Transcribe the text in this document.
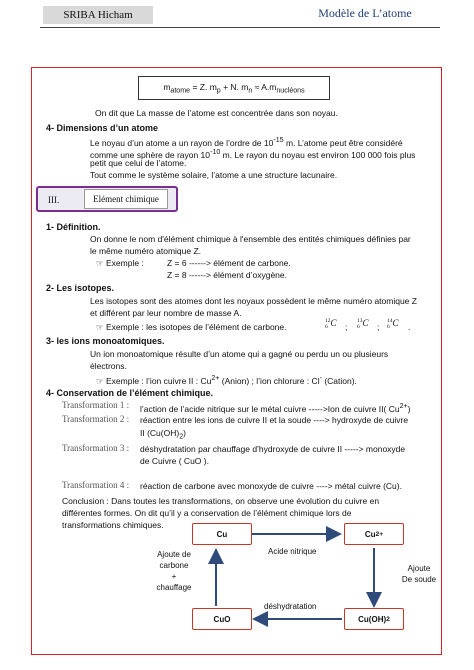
SRIBA Hicham	Modèle de L’atome
$m_{atome} = Z$. $m_p + N$. $m_n \approx A.m_{nucléons}$
On dit que La masse de l’atome est concentrée dans son noyau.
4- Dimensions d’un atome
Le noyau d’un atome a un rayon de l’ordre de $10^{-15}$ m. L’atome peut être considéré
comme une sphère de rayon $10^{-10}$ m. Le rayon du noyau est environ 100 000 fois plus
petit que celui de l’atome.
Tout comme le système solaire, l’atome a une structure lacunaire.
III.	Elément chimique
1- Définition.
On donne le nom d'élément chimique à l'ensemble des entités chimiques définies par
le même numéro atomique Z.
☞ Exemple :	Z = 6 ------> élément de carbone.
Z = 8 ------> élément d’oxygène.
2- Les isotopes.
Les isotopes sont des atomes dont les noyaux possèdent le même numéro atomique Z
et différent par leur nombre de masse A.
☞ Exemple : les isotopes de l’élément de carbone.
12
6 C ;
13
6 C ;
14
6 C .
3- les ions monoatomiques.
Un ion monoatomique résulte d’un atome qui a gagné ou perdu un ou plusieurs
électrons.
☞ Exemple : l’ion cuivre II : $Cu^{2+}$ (Anion) ; l’ion chlorure : Cl- (Cation).
4- Conservation de l’élément chimique.
Transformation 1 : l’action de l’acide nitrique sur le métal cuivre ----->Ion de cuivre II( $Cu^{2+}$)
Transformation 2 : réaction entre les ions de cuivre II et la soude ----> hydroxyde de cuivre
II $(Cu(OH)_2)$
Transformation 3 : déshydratation par chauffage d’hydroxyde de cuivre II -----> monoxyde
de Cuivre ( CuO ).
Transformation 4 : réaction de carbone avec monoxyde de cuivre ----> métal cuivre (Cu).
Conclusion : Dans toutes les transformations, on observe une évolution du cuivre en
différentes formes. On dit qu’il y a conservation de l’élément chimique lors de
transformations chimiques.
Cu	Cu 2+
CuO	Cu(OH) 2
Acide nitrique
Ajoute de
carbone
+
chauffage
Ajoute
De soude
déshydratation
